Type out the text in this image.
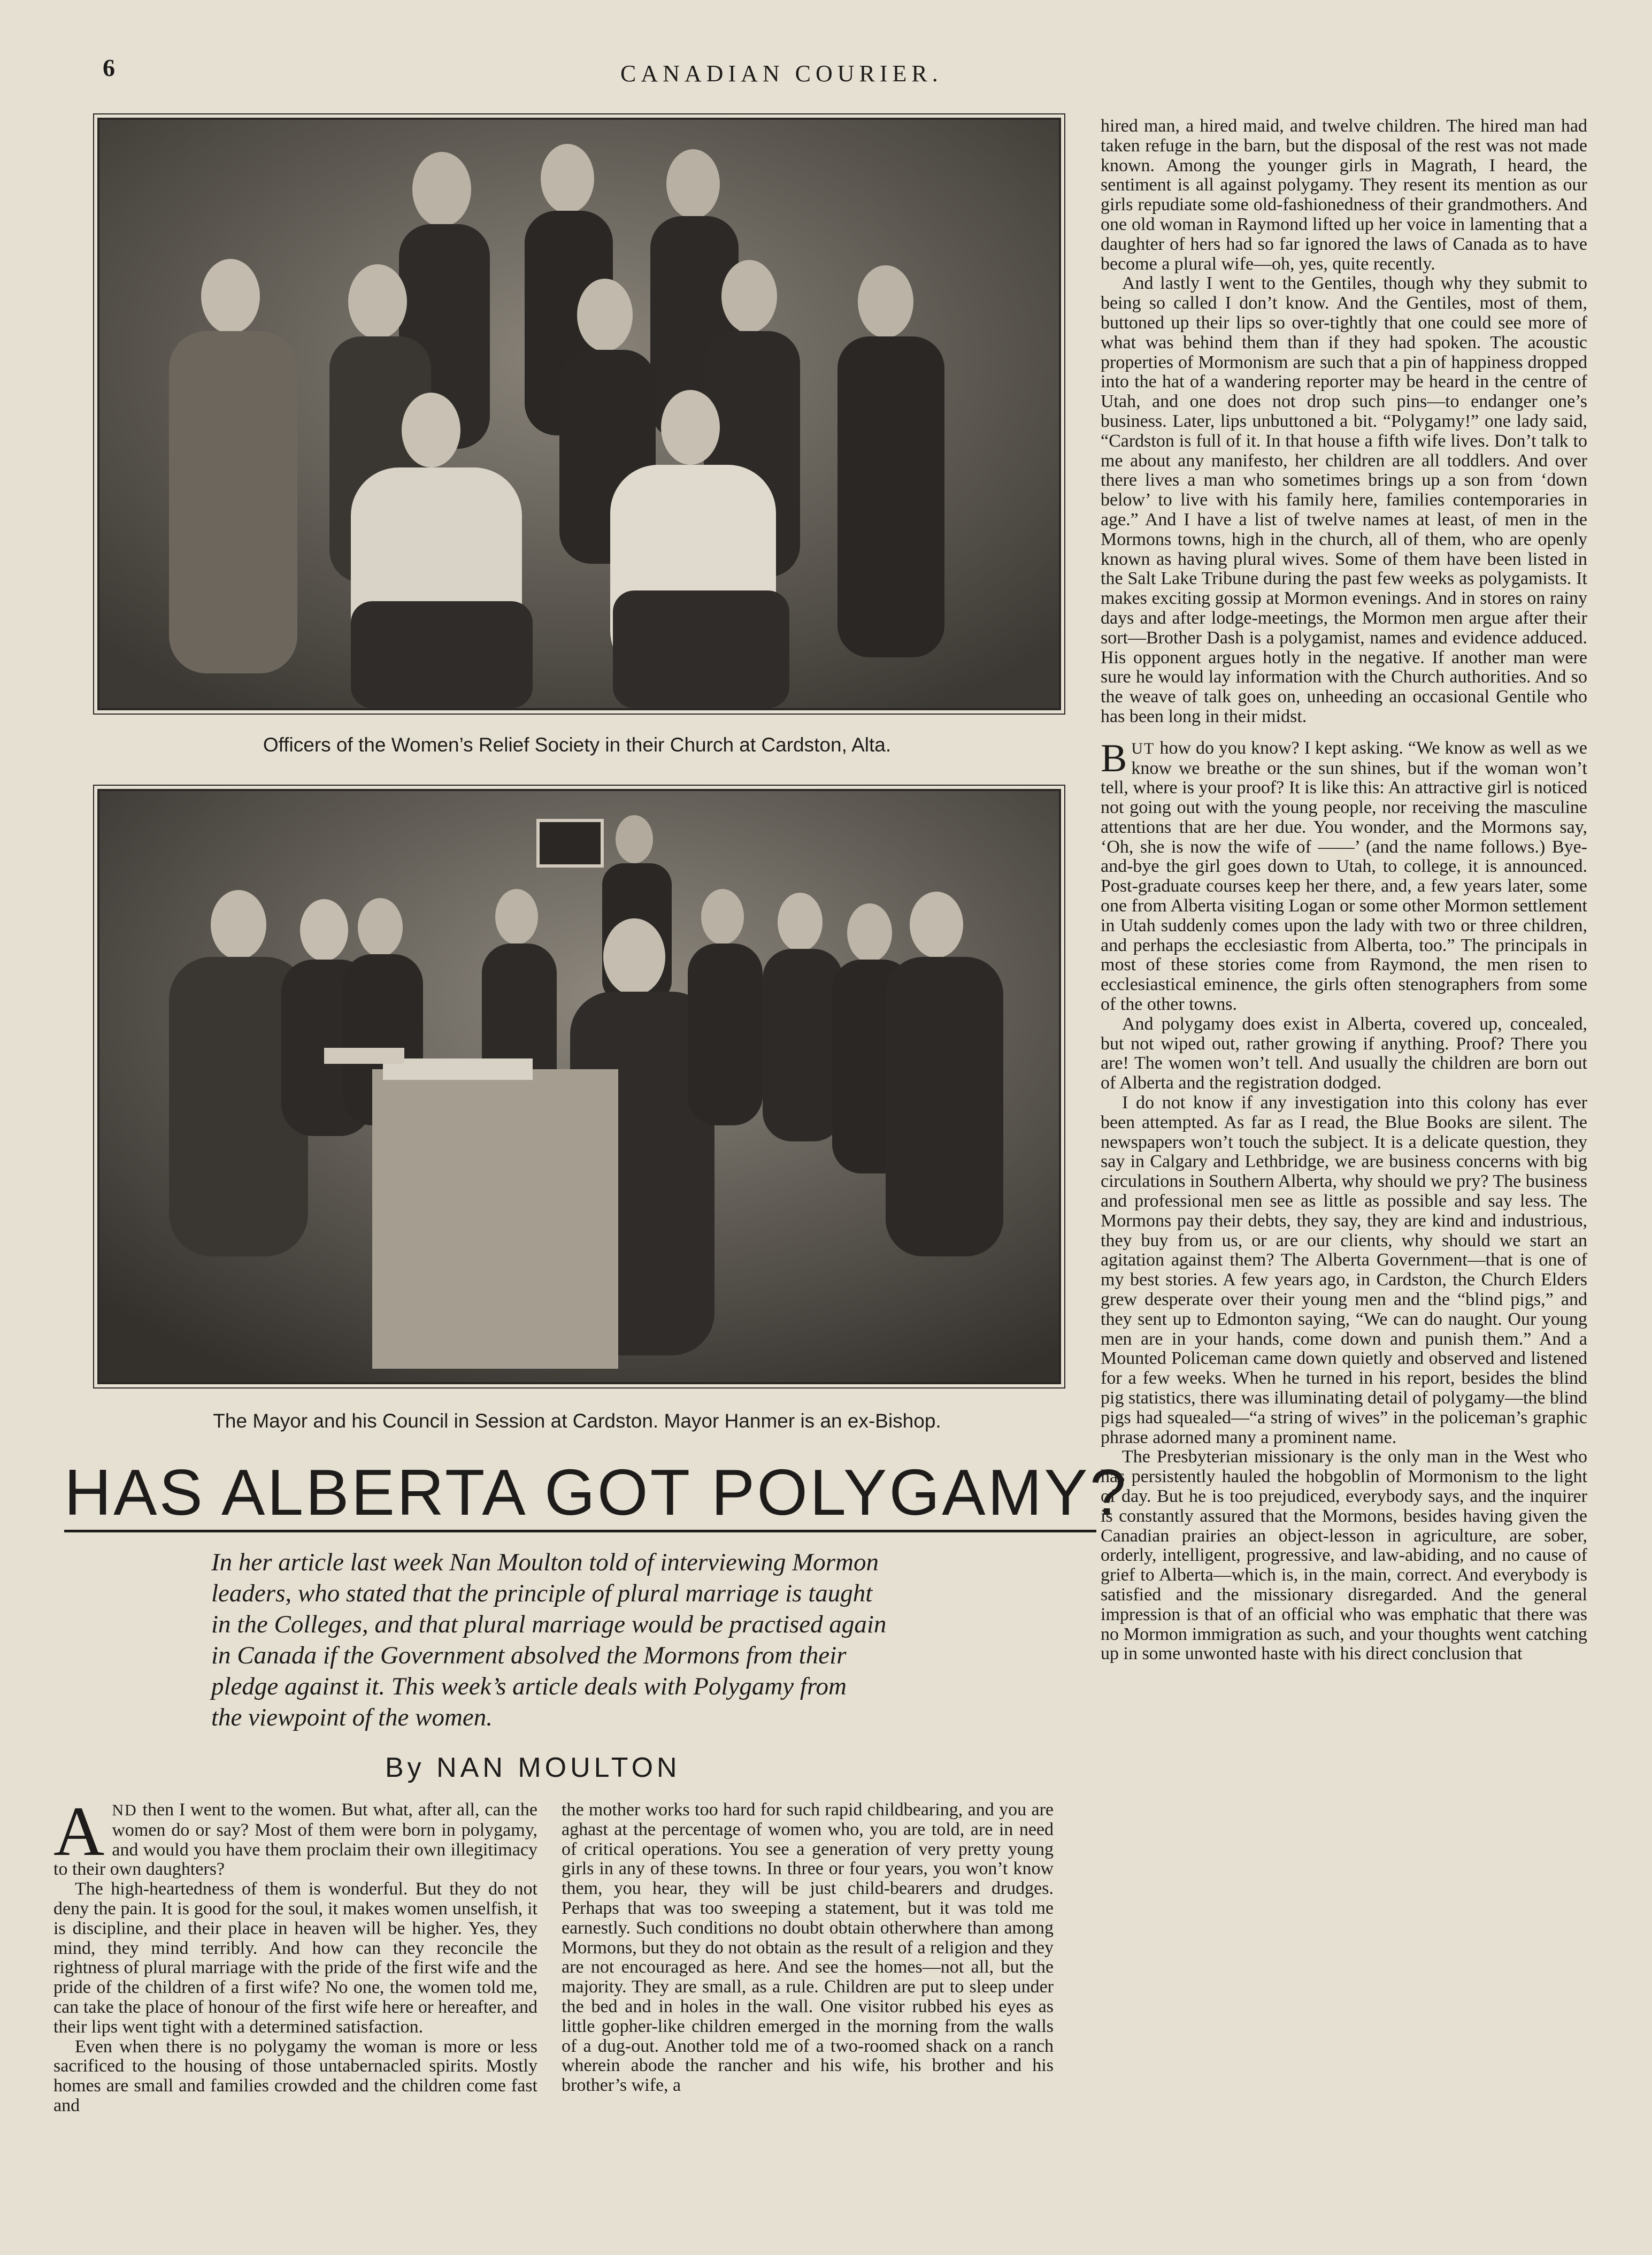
6	CANADIAN COURIER.
Officers of the Women’s Relief Society in their Church at Cardston, Alta.
The Mayor and his Council in Session at Cardston. Mayor Hanmer is an ex-Bishop.
HAS ALBERTA GOT POLYGAMY?

In her article last week Nan Moulton told of interviewing Mormon

leaders, who stated that the principle of plural marriage is taught

in the Colleges, and that plural marriage would be practised again

in Canada if the Government absolved the Mormons from their

pledge against it. This week’s article deals with Polygamy from

the viewpoint of the women.

By NAN MOULTON

AND then I went to the women. But what, after all, can the women do or say? Most of them were born in polygamy, and would you have them proclaim their own illegitimacy to their own daughters?

The high-heartedness of them is wonderful. But they do not deny the pain. It is good for the soul, it makes women unselfish, it is discipline, and their place in heaven will be higher. Yes, they mind, they mind terribly. And how can they reconcile the rightness of plural marriage with the pride of the first wife and the pride of the children of a first wife? No one, the women told me, can take the place of honour of the first wife here or hereafter, and their lips went tight with a determined satisfaction.

Even when there is no polygamy the woman is more or less sacrificed to the housing of those untabernacled spirits. Mostly homes are small and families crowded and the children come fast and

the mother works too hard for such rapid childbearing, and you are aghast at the percentage of women who, you are told, are in need of critical operations. You see a generation of very pretty young girls in any of these towns. In three or four years, you won’t know them, you hear, they will be just child-bearers and drudges. Perhaps that was too sweeping a statement, but it was told me earnestly. Such conditions no doubt obtain otherwhere than among Mormons, but they do not obtain as the result of a religion and they are not encouraged as here. And see the homes—not all, but the majority. They are small, as a rule. Children are put to sleep under the bed and in holes in the wall. One visitor rubbed his eyes as little gopher-like children emerged in the morning from the walls of a dug-out. Another told me of a two-roomed shack on a ranch wherein abode the rancher and his wife, his brother and his brother’s wife, a

hired man, a hired maid, and twelve children. The hired man had taken refuge in the barn, but the disposal of the rest was not made known. Among the younger girls in Magrath, I heard, the sentiment is all against polygamy. They resent its mention as our girls repudiate some old-fashionedness of their grandmothers. And one old woman in Raymond lifted up her voice in lamenting that a daughter of hers had so far ignored the laws of Canada as to have become a plural wife—oh, yes, quite recently.

And lastly I went to the Gentiles, though why they submit to being so called I don’t know. And the Gentiles, most of them, buttoned up their lips so over-tightly that one could see more of what was behind them than if they had spoken. The acoustic properties of Mormonism are such that a pin of happiness dropped into the hat of a wandering reporter may be heard in the centre of Utah, and one does not drop such pins—to endanger one’s business. Later, lips unbuttoned a bit. “Polygamy!” one lady said, “Cardston is full of it. In that house a fifth wife lives. Don’t talk to me about any manifesto, her children are all toddlers. And over there lives a man who sometimes brings up a son from ‘down below’ to live with his family here, families contemporaries in age.” And I have a list of twelve names at least, of men in the Mormons towns, high in the church, all of them, who are openly known as having plural wives. Some of them have been listed in the Salt Lake Tribune during the past few weeks as polygamists. It makes exciting gossip at Mormon evenings. And in stores on rainy days and after lodge-meetings, the Mormon men argue after their sort—Brother Dash is a polygamist, names and evidence adduced. His opponent argues hotly in the negative. If another man were sure he would lay information with the Church authorities. And so the weave of talk goes on, unheeding an occasional Gentile who has been long in their midst.

BUT how do you know? I kept asking. “We know as well as we know we breathe or the sun shines, but if the woman won’t tell, where is your proof? It is like this: An attractive girl is noticed not going out with the young people, nor receiving the masculine attentions that are her due. You wonder, and the Mormons say, ‘Oh, she is now the wife of ——’ (and the name follows.) Bye-and-bye the girl goes down to Utah, to college, it is announced. Post-graduate courses keep her there, and, a few years later, some one from Alberta visiting Logan or some other Mormon settlement in Utah suddenly comes upon the lady with two or three children, and perhaps the ecclesiastic from Alberta, too.” The principals in most of these stories come from Raymond, the men risen to ecclesiastical eminence, the girls often stenographers from some of the other towns.

And polygamy does exist in Alberta, covered up, concealed, but not wiped out, rather growing if anything. Proof? There you are! The women won’t tell. And usually the children are born out of Alberta and the registration dodged.

I do not know if any investigation into this colony has ever been attempted. As far as I read, the Blue Books are silent. The newspapers won’t touch the subject. It is a delicate question, they say in Calgary and Lethbridge, we are business concerns with big circulations in Southern Alberta, why should we pry? The business and professional men see as little as possible and say less. The Mormons pay their debts, they say, they are kind and industrious, they buy from us, or are our clients, why should we start an agitation against them? The Alberta Government—that is one of my best stories. A few years ago, in Cardston, the Church Elders grew desperate over their young men and the “blind pigs,” and they sent up to Edmonton saying, “We can do naught. Our young men are in your hands, come down and punish them.” And a Mounted Policeman came down quietly and observed and listened for a few weeks. When he turned in his report, besides the blind pig statistics, there was illuminating detail of polygamy—the blind pigs had squealed—“a string of wives” in the policeman’s graphic phrase adorned many a prominent name.

The Presbyterian missionary is the only man in the West who has persistently hauled the hobgoblin of Mormonism to the light of day. But he is too prejudiced, everybody says, and the inquirer is constantly assured that the Mormons, besides having given the Canadian prairies an object-lesson in agriculture, are sober, orderly, intelligent, progressive, and law-abiding, and no cause of grief to Alberta—which is, in the main, correct. And everybody is satisfied and the missionary disregarded. And the general impression is that of an official who was emphatic that there was no Mormon immigration as such, and your thoughts went catching up in some unwonted haste with his direct conclusion that
